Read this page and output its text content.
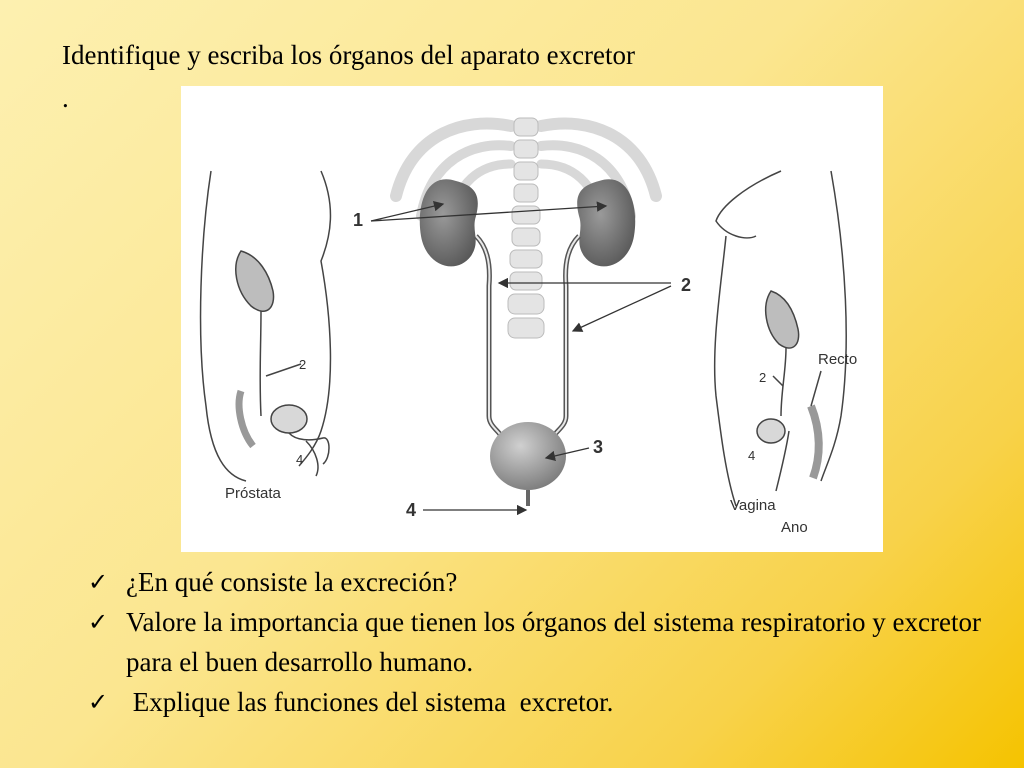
Identifique y escriba los órganos del aparato excretor
.
1
2
3
4
2
4
Próstata
2
4
Recto
Vagina
Ano
✓ ¿En qué consiste la excreción?
✓ Valore la importancia que tienen los órganos del sistema respiratorio y excretor para el buen desarrollo humano.
✓ Explique las funciones del sistema  excretor.
